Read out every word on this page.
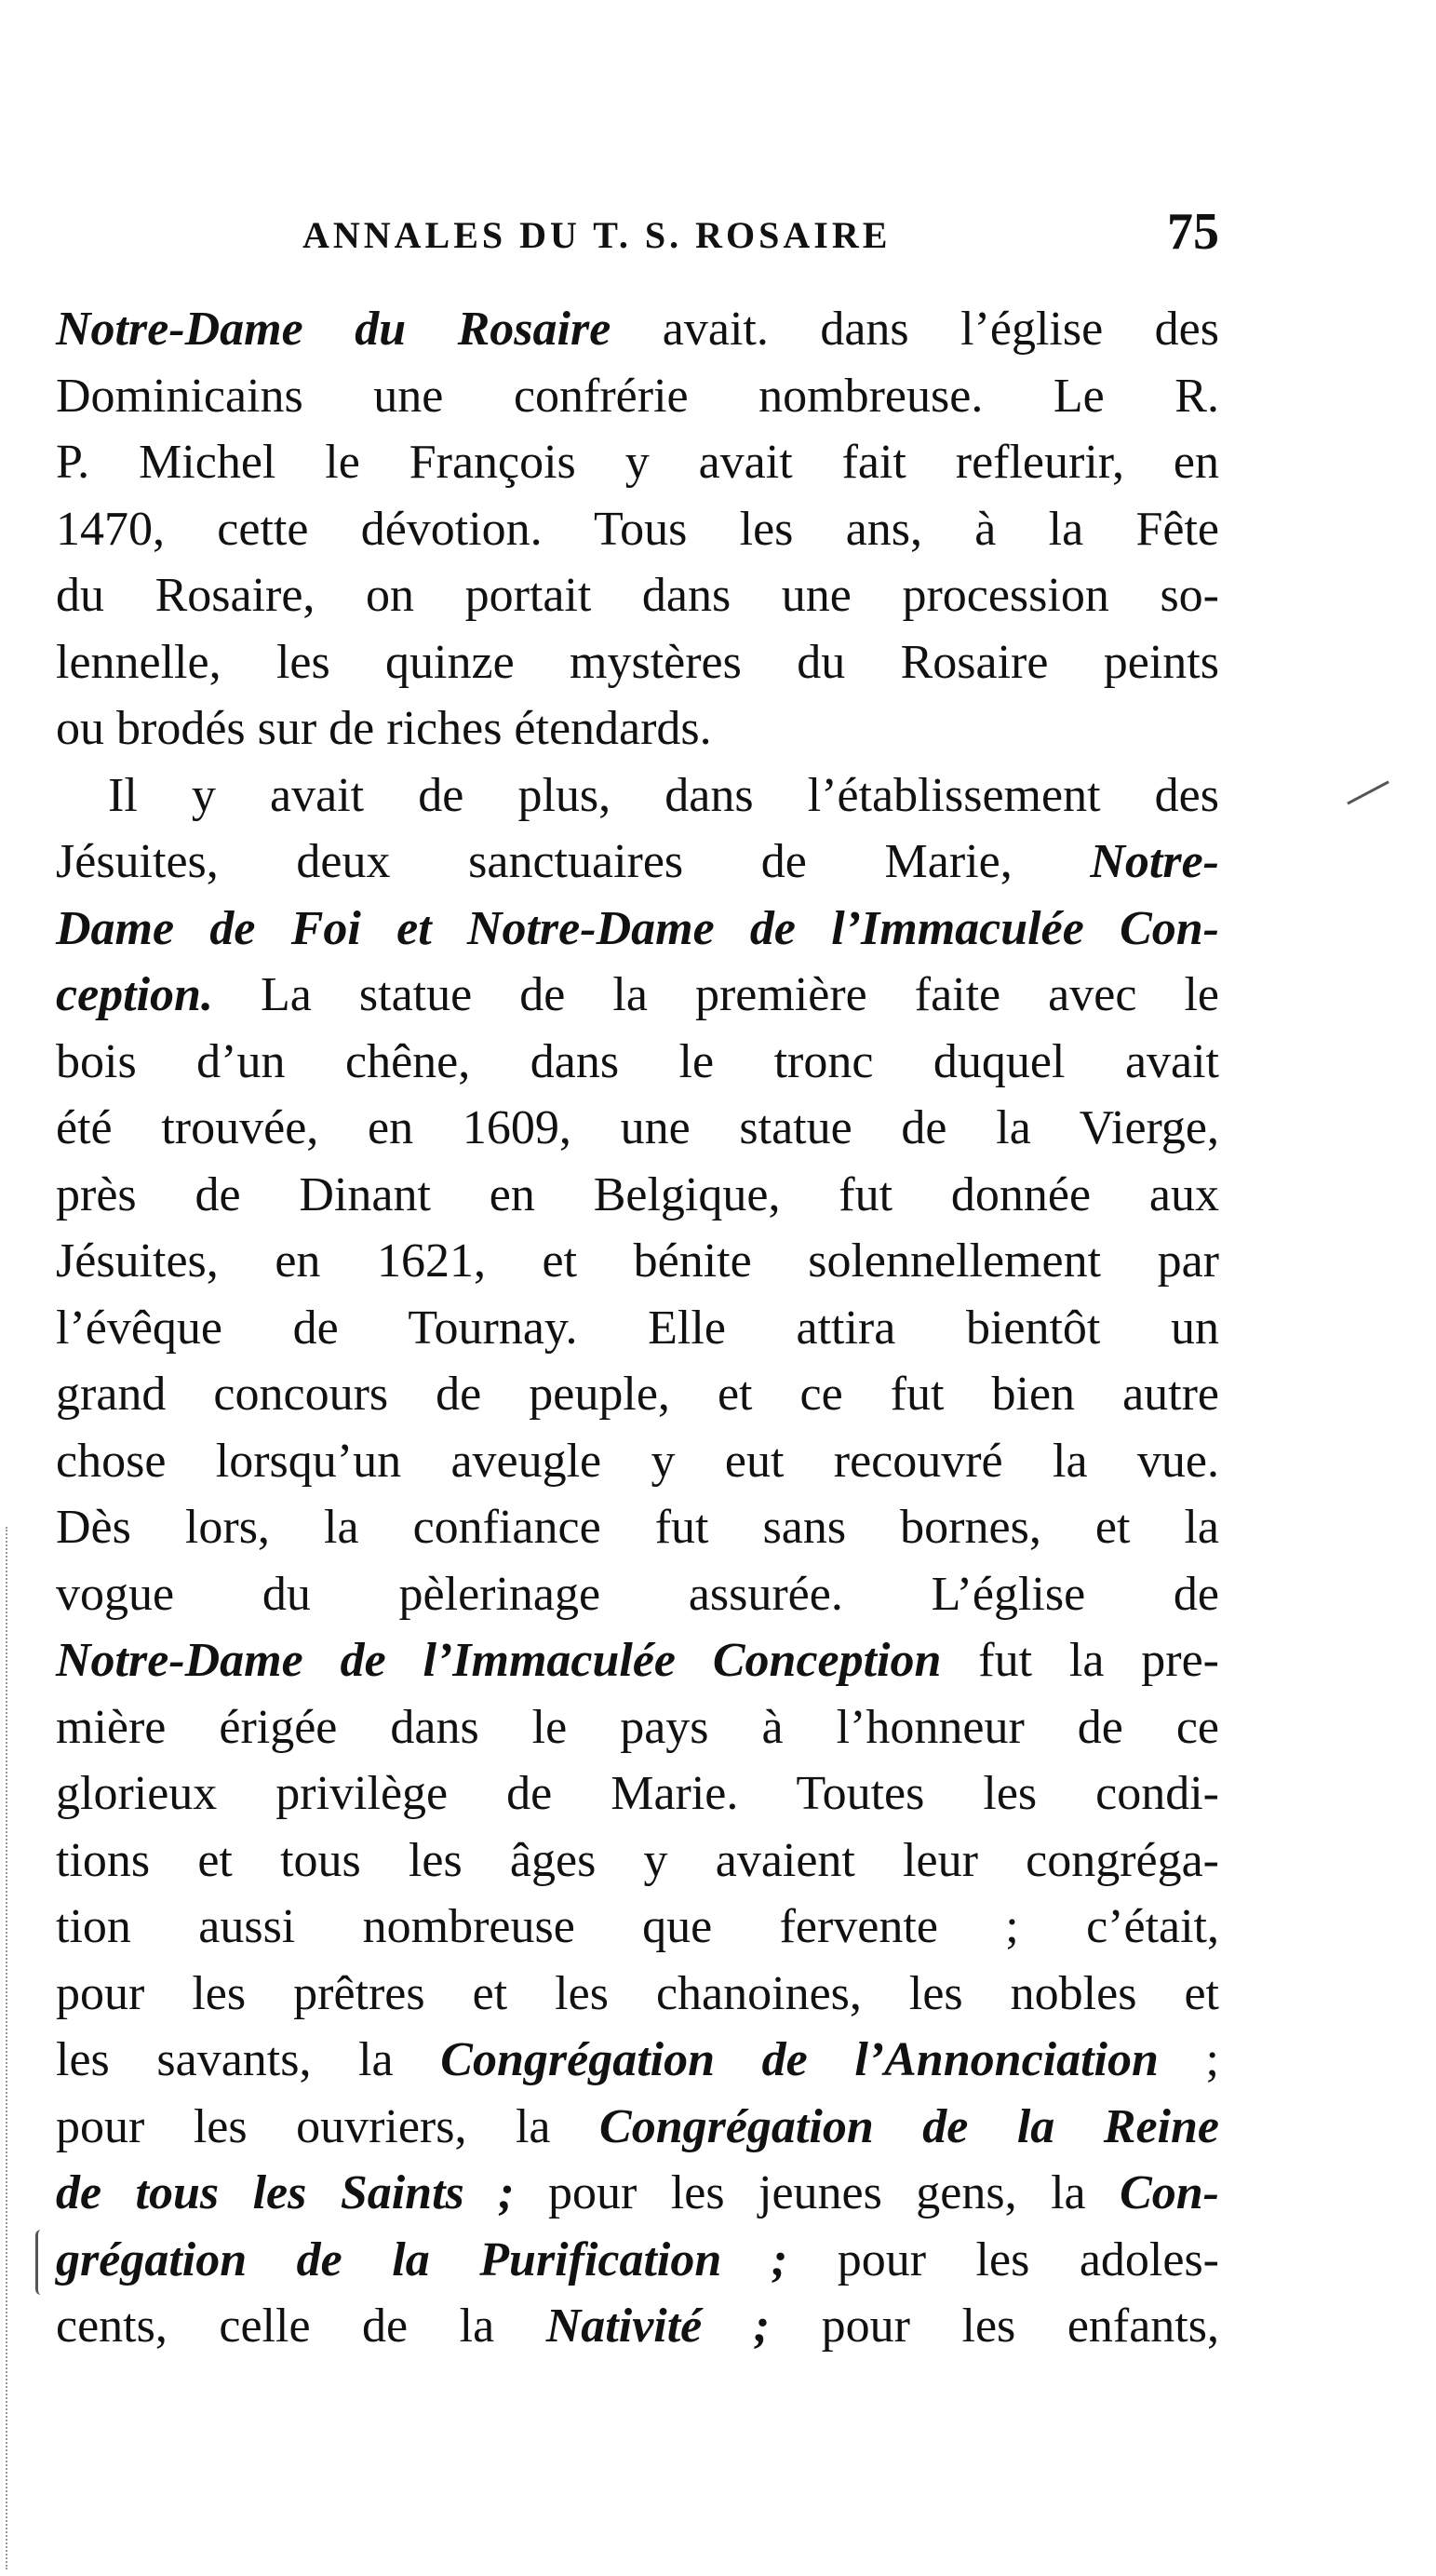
ANNALES DU T. S. ROSAIRE	75
Notre-Dame du Rosaire avait. dans l’église des
Dominicains une confrérie nombreuse. Le R.
P. Michel le François y avait fait refleurir, en
1470, cette dévotion. Tous les ans, à la Fête
du Rosaire, on portait dans une procession so-
lennelle, les quinze mystères du Rosaire peints
ou brodés sur de riches étendards.
Il y avait de plus, dans l’établissement des
Jésuites, deux sanctuaires de Marie, Notre-
Dame de Foi et Notre-Dame de l’Immaculée Con-
ception. La statue de la première faite avec le
bois d’un chêne, dans le tronc duquel avait
été trouvée, en 1609, une statue de la Vierge,
près de Dinant en Belgique, fut donnée aux
Jésuites, en 1621, et bénite solennellement par
l’évêque de Tournay. Elle attira bientôt un
grand concours de peuple, et ce fut bien autre
chose lorsqu’un aveugle y eut recouvré la vue.
Dès lors, la confiance fut sans bornes, et la
vogue du pèlerinage assurée. L’église de
Notre-Dame de l’Immaculée Conception fut la pre-
mière érigée dans le pays à l’honneur de ce
glorieux privilège de Marie. Toutes les condi-
tions et tous les âges y avaient leur congréga-
tion aussi nombreuse que fervente ; c’était,
pour les prêtres et les chanoines, les nobles et
les savants, la Congrégation de l’Annonciation ;
pour les ouvriers, la Congrégation de la Reine
de tous les Saints ; pour les jeunes gens, la Con-
grégation de la Purification ; pour les adoles-
cents, celle de la Nativité ; pour les enfants,
